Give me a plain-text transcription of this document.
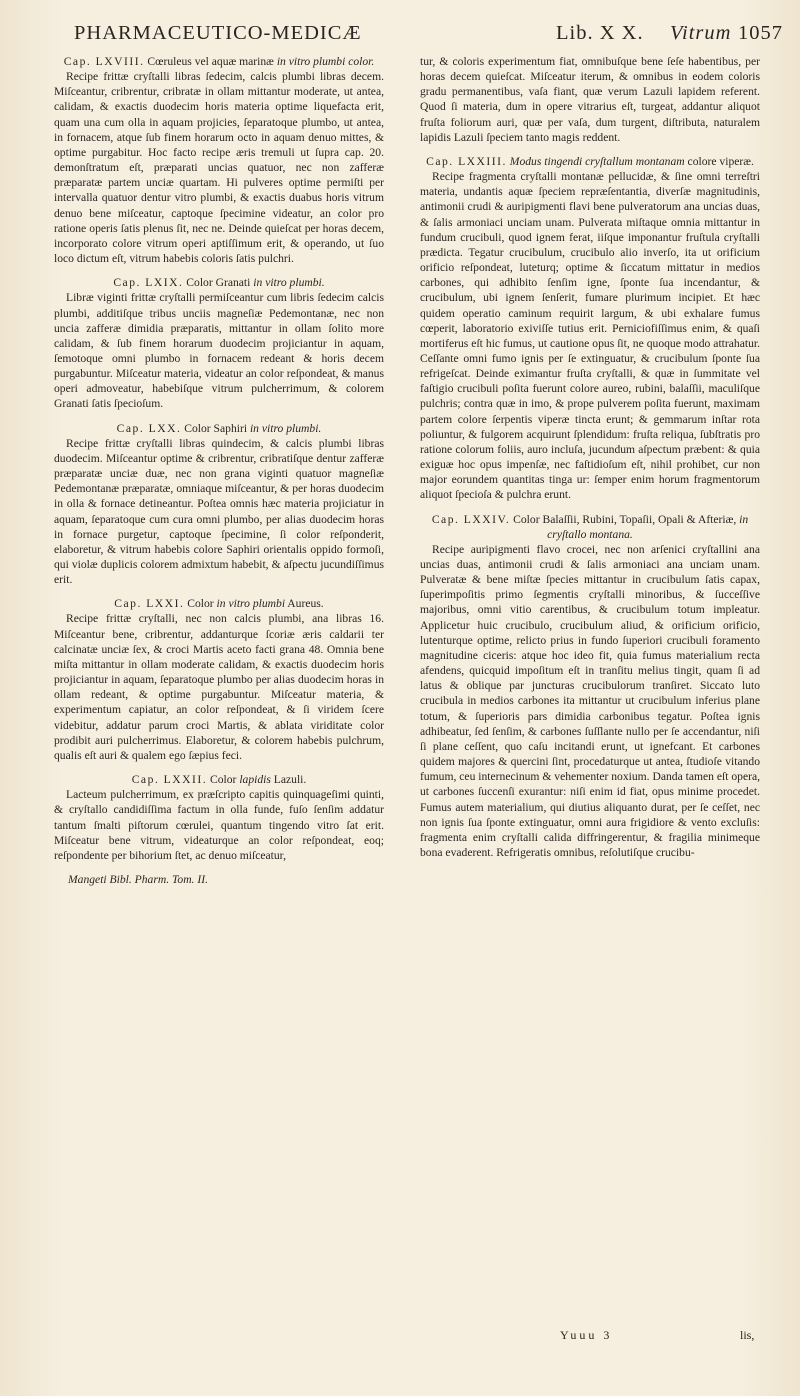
PHARMACEUTICO-MEDICÆ	Lib. X X. Vitrum 1057

Cap. LXVIII. Cœruleus vel aquæ marinæ in vitro plumbi color.

Recipe frittæ cryſtalli libras ſedecim, calcis plumbi libras decem. Miſceantur, cribrentur, cribratæ in ollam mittantur moderate, ut antea, calidam, & exactis duodecim horis materia optime liquefacta erit, quam una cum olla in aquam projicies, ſeparatoque plumbo, ut antea, in fornacem, atque ſub finem horarum octo in aquam denuo mittes, & optime purgabitur. Hoc facto recipe æris tremuli ut ſupra cap. 20. demonſtratum eſt, præparati uncias quatuor, nec non zafferæ præparatæ partem unciæ quartam. Hi pulveres optime permiſti per intervalla quatuor dentur vitro plumbi, & exactis duabus horis vitrum denuo bene miſceatur, captoque ſpecimine videatur, an color pro ratione operis ſatis plenus ſit, nec ne. Deinde quieſcat per horas decem, incorporato colore vitrum operi aptiſſimum erit, & operando, ut ſuo loco dictum eſt, vitrum habebis coloris ſatis pulchri.

Cap. LXIX. Color Granati in vitro plumbi.

Libræ viginti frittæ cryſtalli permiſceantur cum libris ſedecim calcis plumbi, additiſque tribus unciis magneſiæ Pedemontanæ, nec non uncia zafferæ dimidia præparatis, mittantur in ollam ſolito more calidam, & ſub finem horarum duodecim projiciantur in aquam, ſemotoque omni plumbo in fornacem redeant & horis decem purgabuntur. Miſceatur materia, videatur an color reſpondeat, & manus operi admoveatur, habebiſque vitrum pulcherrimum, & colorem Granati ſatis ſpecioſum.

Cap. LXX. Color Saphiri in vitro plumbi.

Recipe frittæ cryſtalli libras quindecim, & calcis plumbi libras duodecim. Miſceantur optime & cribrentur, cribratiſque dentur zafferæ præparatæ unciæ duæ, nec non grana viginti quatuor magneſiæ Pedemontanæ præparatæ, omniaque miſceantur, & per horas duodecim in olla & fornace detineantur. Poſtea omnis hæc materia projiciatur in aquam, ſeparatoque cum cura omni plumbo, per alias duodecim horas in fornace purgetur, captoque ſpecimine, ſi color reſponderit, elaboretur, & vitrum habebis colore Saphiri orientalis oppido formoſi, qui violæ duplicis colorem admixtum habebit, & aſpectu jucundiſſimus erit.

Cap. LXXI. Color in vitro plumbi Aureus.

Recipe frittæ cryſtalli, nec non calcis plumbi, ana libras 16. Miſceantur bene, cribrentur, addanturque ſcoriæ æris caldarii ter calcinatæ unciæ ſex, & croci Martis aceto facti grana 48. Omnia bene miſta mittantur in ollam moderate calidam, & exactis duodecim horis projiciantur in aquam, ſeparatoque plumbo per alias duodecim horas in ollam redeant, & optime purgabuntur. Miſceatur materia, & experimentum capiatur, an color reſpondeat, & ſi viridem ſcere videbitur, addatur parum croci Martis, & ablata viriditate color prodibit auri pulcherrimus. Elaboretur, & colorem habebis pulchrum, qualis eſt auri & qualem ego ſæpius feci.

Cap. LXXII. Color lapidis Lazuli.

Lacteum pulcherrimum, ex præſcripto capitis quinquageſimi quinti, & cryſtallo candidiſſima factum in olla funde, fuſo ſenſim addatur tantum ſmalti piſtorum cœrulei, quantum tingendo vitro ſat erit. Miſceatur bene vitrum, videaturque an color reſpondeat, eoq; reſpondente per bihorium ſtet, ac denuo miſceatur,

Mangeti Bibl. Pharm. Tom. II.

tur, & coloris experimentum fiat, omnibuſque bene ſeſe habentibus, per horas decem quieſcat. Miſceatur iterum, & omnibus in eodem coloris gradu permanentibus, vaſa fiant, quæ verum Lazuli lapidem referent. Quod ſi materia, dum in opere vitrarius eſt, turgeat, addantur aliquot fruſta foliorum auri, quæ per vaſa, dum turgent, diſtributa, naturalem lapidis Lazuli ſpeciem tanto magis reddent.

Cap. LXXIII. Modus tingendi cryſtallum montanam colore viperæ.

Recipe fragmenta cryſtalli montanæ pellucidæ, & ſine omni terreſtri materia, undantis aquæ ſpeciem repræſentantia, diverſæ magnitudinis, antimonii crudi & auripigmenti flavi bene pulveratorum ana uncias duas, & ſalis armoniaci unciam unam. Pulverata miſtaque omnia mittantur in fundum crucibuli, quod ignem ferat, iiſque imponantur fruſtula cryſtalli prædicta. Tegatur crucibulum, crucibulo alio inverſo, ita ut orificium orificio reſpondeat, luteturq; optime & ſiccatum mittatur in medios carbones, qui adhibito ſenſim igne, ſponte ſua incendantur, & crucibulum, ubi ignem ſenſerit, fumare plurimum incipiet. Et hæc quidem operatio caminum requirit largum, & ubi exhalare fumus cœperit, laboratorio exiviſſe tutius erit. Perniciofiſſimus enim, & quaſi mortiferus eſt hic fumus, ut cautione opus ſit, ne quoque modo attrahatur. Ceſſante omni fumo ignis per ſe extinguatur, & crucibulum ſponte ſua refrigeſcat. Deinde eximantur fruſta cryſtalli, & quæ in ſummitate vel faſtigio crucibuli poſita fuerunt colore aureo, rubini, balaſſii, maculiſque pulchris; contra quæ in imo, & prope pulverem poſita fuerunt, maximam partem colore ſerpentis viperæ tincta erunt; & gemmarum inſtar rota poliuntur, & fulgorem acquirunt ſplendidum: fruſta reliqua, ſubſtratis pro ratione colorum foliis, auro incluſa, jucundum aſpectum præbent: & quia exiguæ hoc opus impenſæ, nec faſtidioſum eſt, nihil prohibet, cur non major eorundem quantitas tinga ur: ſemper enim horum fragmentorum aliquot ſpecioſa & pulchra erunt.

Cap. LXXIV. Color Balaſſii, Rubini, Topaſii, Opali & Afteriæ, in cryſtallo montana.

Recipe auripigmenti flavo crocei, nec non arſenici cryſtallini ana uncias duas, antimonii crudi & ſalis armoniaci ana unciam unam. Pulveratæ & bene miſtæ ſpecies mittantur in crucibulum ſatis capax, ſuperimpoſitis primo ſegmentis cryſtalli minoribus, & ſucceſſive majoribus, omni vitio carentibus, & crucibulum totum impleatur. Applicetur huic crucibulo, crucibulum aliud, & orificium orificio, lutenturque optime, relicto prius in fundo ſuperiori crucibuli foramento magnitudine ciceris: atque hoc ideo fit, quia fumus materialium recta afendens, quicquid impoſitum eſt in tranſitu melius tingit, quam ſi ad latus & oblique par juncturas crucibulorum tranſiret. Siccato luto crucibula in medios carbones ita mittantur ut crucibulum inferius plane totum, & ſuperioris pars dimidia carbonibus tegatur. Poſtea ignis adhibeatur, ſed ſenſim, & carbones ſuſſlante nullo per ſe accendantur, niſi ſi plane ceſſent, quo caſu incitandi erunt, ut ignefcant. Et carbones quidem majores & quercini ſint, procedaturque ut antea, ſtudioſe vitando fumum, ceu internecinum & vehementer noxium. Danda tamen eſt opera, ut carbones ſuccenſi exurantur: niſi enim id fiat, opus minime procedet. Fumus autem materialium, qui diutius aliquanto durat, per ſe ceſſet, nec non ignis ſua ſponte extinguatur, omni aura frigidiore & vento excluſis: fragmenta enim cryſtalli calida diffringerentur, & fragilia minimeque bona evaderent. Refrigeratis omnibus, reſolutiſque crucibu-

Yuuu 3	lis,
